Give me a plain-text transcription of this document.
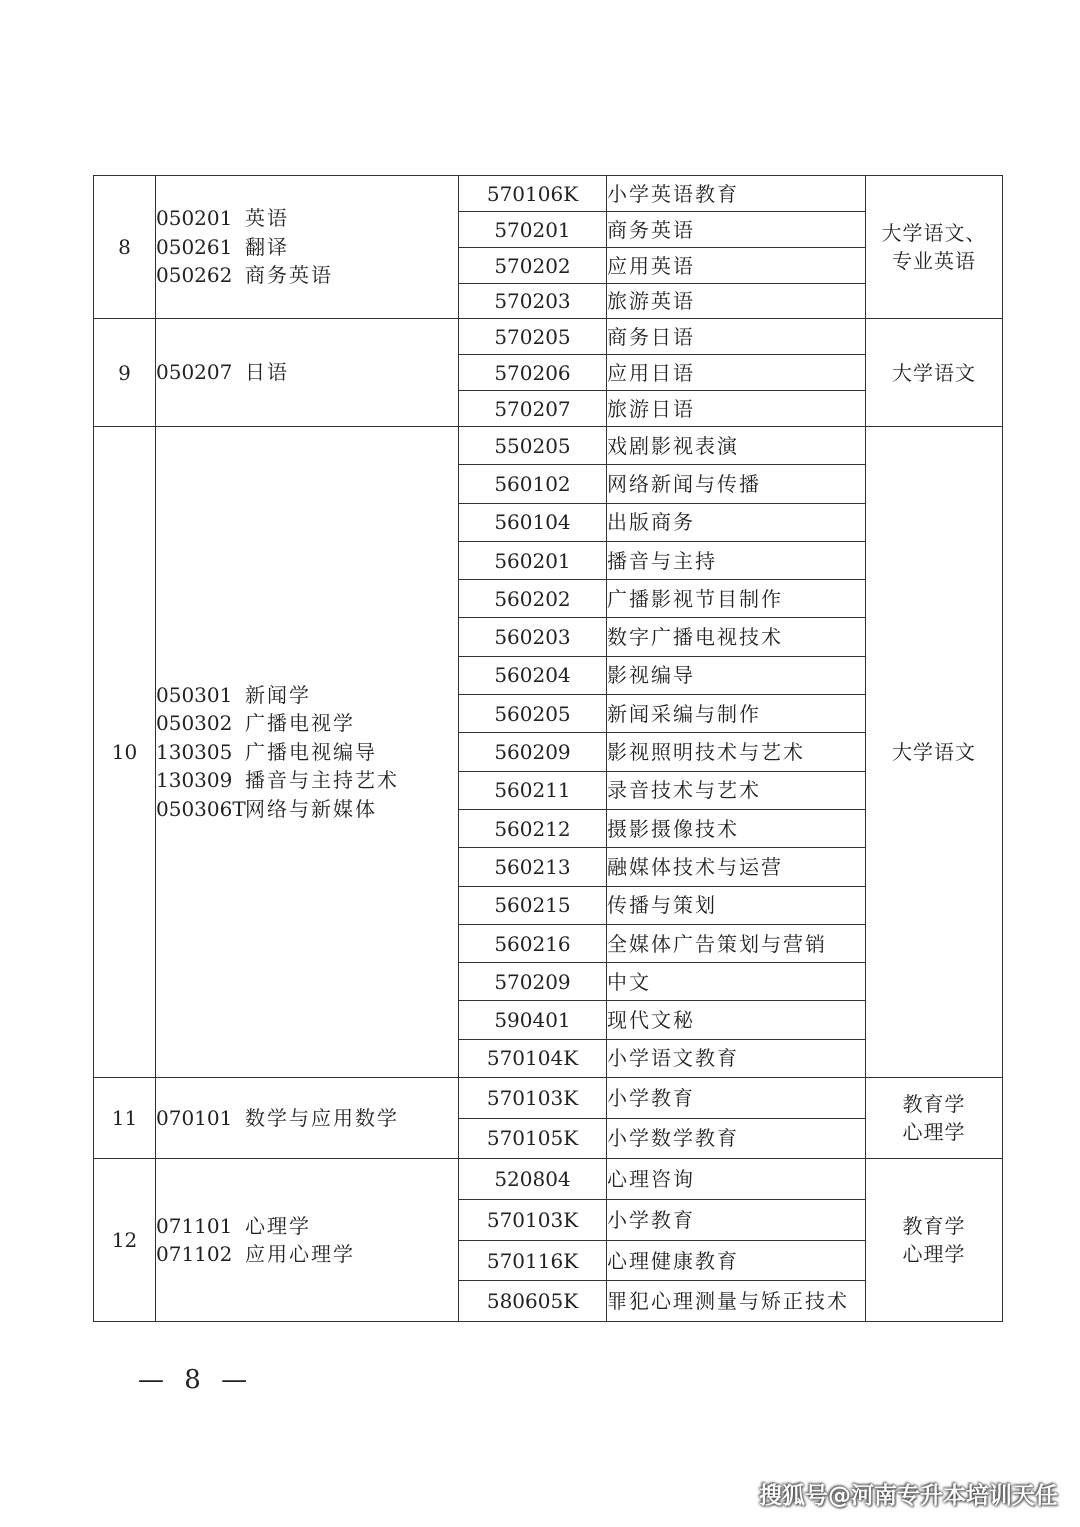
8	050201 英语
050261 翻译
050262 商务英语	570106K	小学英语教育	大学语文、
专业英语

		570201	商务英语	
		570202	应用英语	
		570203	旅游英语	
9	050207 日语	570205	商务日语	大学语文

		570206	应用日语	
		570207	旅游日语	
10	050301 新闻学
050302 广播电视学
130305 广播电视编导
130309 播音与主持艺术
050306T网络与新媒体	550205	戏剧影视表演	大学语文

		560102	网络新闻与传播	
		560104	出版商务	
		560201	播音与主持	
		560202	广播影视节目制作	
		560203	数字广播电视技术	
		560204	影视编导	
		560205	新闻采编与制作	
		560209	影视照明技术与艺术	
		560211	录音技术与艺术	
		560212	摄影摄像技术	
		560213	融媒体技术与运营	
		560215	传播与策划	
		560216	全媒体广告策划与营销	
		570209	中文	
		590401	现代文秘	
		570104K	小学语文教育	
11	070101 数学与应用数学	570103K	小学教育	教育学
心理学

		570105K	小学数学教育	
12	071101 心理学
071102 应用心理学	520804	心理咨询	教育学
心理学

		570103K	小学教育	
		570116K	心理健康教育	
		580605K	罪犯心理测量与矫正技术	
— 8 —
搜狐号@河南专升本培训天任
